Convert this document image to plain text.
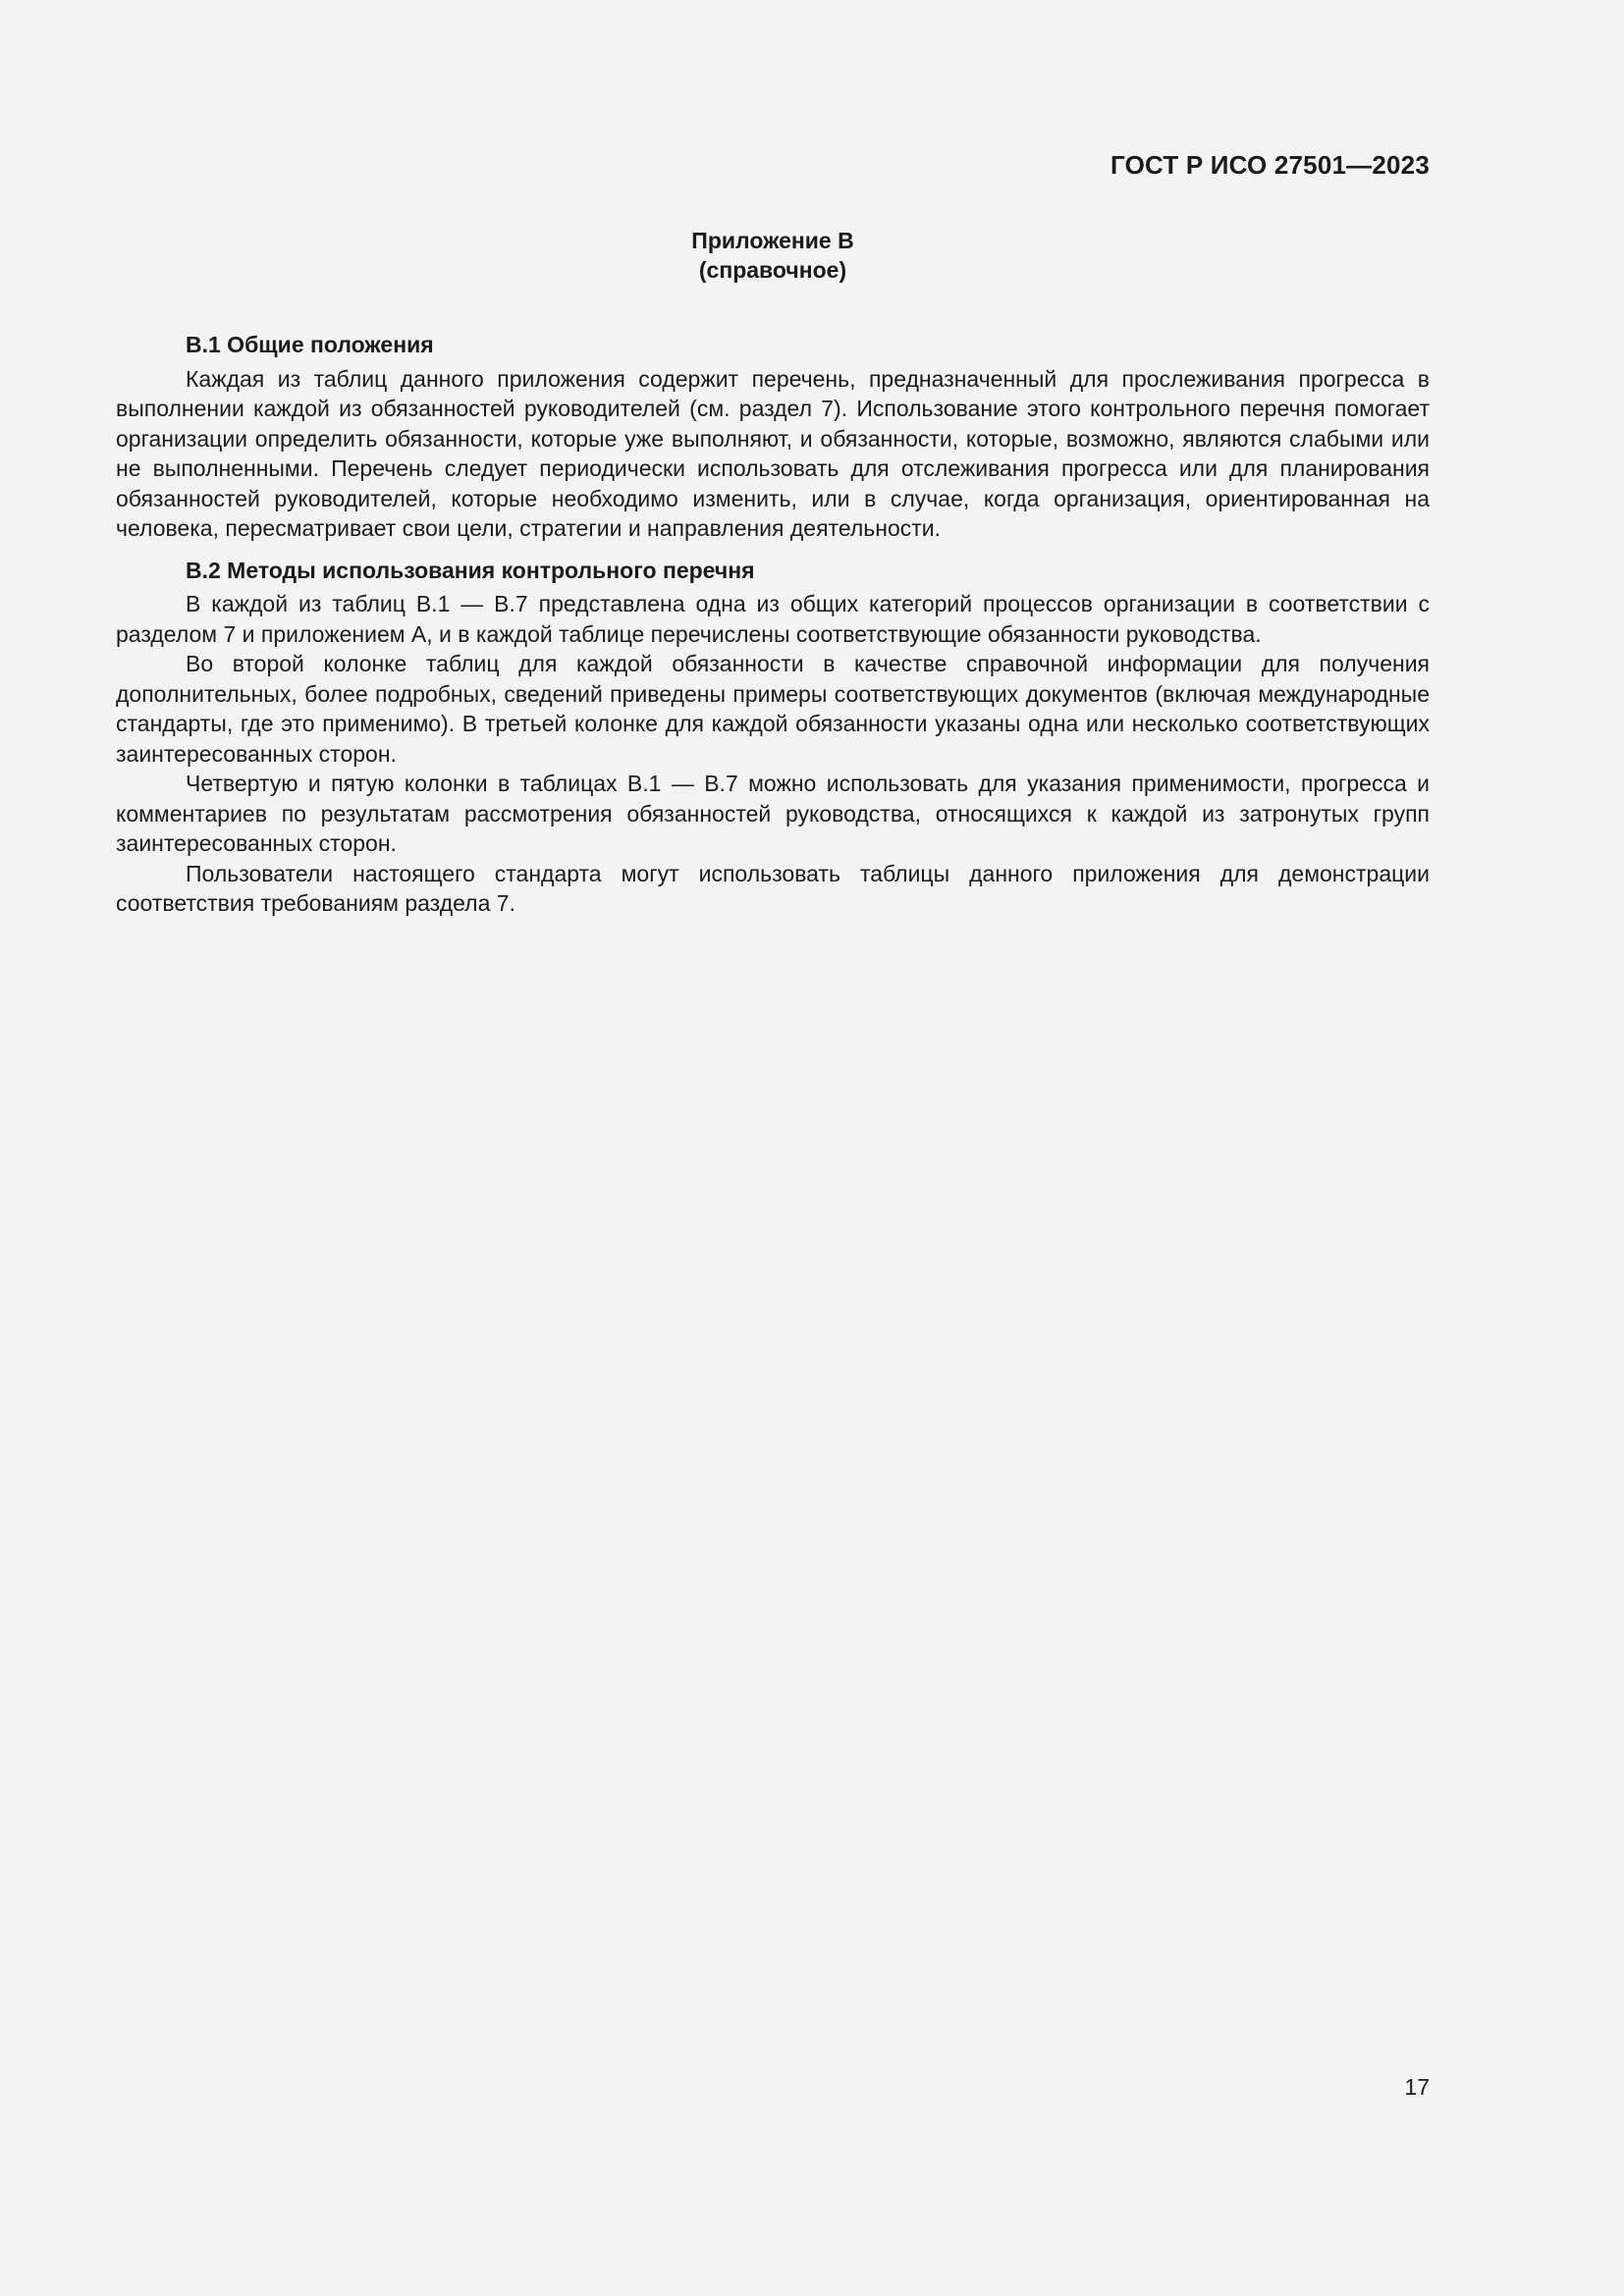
ГОСТ Р ИСО 27501—2023
Приложение В
(справочное)

В.1 Общие положения

Каждая из таблиц данного приложения содержит перечень, предназначенный для прослеживания прогресса в выполнении каждой из обязанностей руководителей (см. раздел 7). Использование этого контрольного перечня помогает организации определить обязанности, которые уже выполняют, и обязанности, которые, возможно, являются слабыми или не выполненными. Перечень следует периодически использовать для отслеживания прогресса или для планирования обязанностей руководителей, которые необходимо изменить, или в случае, когда организация, ориентированная на человека, пересматривает свои цели, стратегии и направления деятельности.

В.2 Методы использования контрольного перечня

В каждой из таблиц В.1 — В.7 представлена одна из общих категорий процессов организации в соответствии с разделом 7 и приложением А, и в каждой таблице перечислены соответствующие обязанности руководства.

Во второй колонке таблиц для каждой обязанности в качестве справочной информации для получения дополнительных, более подробных, сведений приведены примеры соответствующих документов (включая международные стандарты, где это применимо). В третьей колонке для каждой обязанности указаны одна или несколько соответствующих заинтересованных сторон.

Четвертую и пятую колонки в таблицах В.1 — В.7 можно использовать для указания применимости, прогресса и комментариев по результатам рассмотрения обязанностей руководства, относящихся к каждой из затронутых групп заинтересованных сторон.

Пользователи настоящего стандарта могут использовать таблицы данного приложения для демонстрации соответствия требованиям раздела 7.

17
